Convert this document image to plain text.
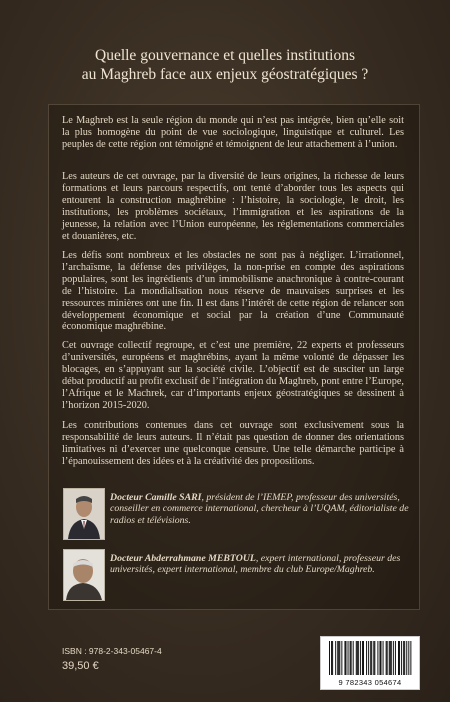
Quelle gouvernance et quelles institutions
au Maghreb face aux enjeux géostratégiques ?

Le Maghreb est la seule région du monde qui n’est pas intégrée, bien qu’elle soit la plus homogène du point de vue sociologique, linguistique et culturel. Les peuples de cette région ont témoigné et témoignent de leur attachement à l’union.

Les auteurs de cet ouvrage, par la diversité de leurs origines, la richesse de leurs formations et leurs parcours respectifs, ont tenté d’aborder tous les aspects qui entourent la construction maghrébine : l’histoire, la sociologie, le droit, les institutions, les problèmes sociétaux, l’immigration et les aspirations de la jeunesse, la relation avec l’Union européenne, les réglementations commerciales et douanières, etc.

Les défis sont nombreux et les obstacles ne sont pas à négliger. L’irrationnel, l’archaïsme, la défense des privilèges, la non-prise en compte des aspirations populaires, sont les ingrédients d’un immobilisme anachronique à contre-courant de l’histoire. La mondialisation nous réserve de mauvaises surprises et les ressources minières ont une fin. Il est dans l’intérêt de cette région de relancer son développement économique et social par la création d’une Communauté économique maghrébine.

Cet ouvrage collectif regroupe, et c’est une première, 22 experts et professeurs d’universités, européens et maghrébins, ayant la même volonté de dépasser les blocages, en s’appuyant sur la société civile. L’objectif est de susciter un large débat productif au profit exclusif de l’intégration du Maghreb, pont entre l’Europe, l’Afrique et le Machrek, car d’importants enjeux géostratégiques se dessinent à l’horizon 2015-2020.

Les contributions contenues dans cet ouvrage sont exclusivement sous la responsabilité de leurs auteurs. Il n’était pas question de donner des orientations limitatives ni d’exercer une quelconque censure. Une telle démarche participe à l’épanouissement des idées et à la créativité des propositions.

Docteur Camille SARI, président de l’IEMEP, professeur des universités, conseiller en commerce international, chercheur à l’UQAM, éditorialiste de radios et télévisions.
Docteur Abderrahmane MEBTOUL, expert international, professeur des universités, expert international, membre du club Europe/Maghreb.
ISBN : 978-2-343-05467-4
39,50 €
9 782343 054674
